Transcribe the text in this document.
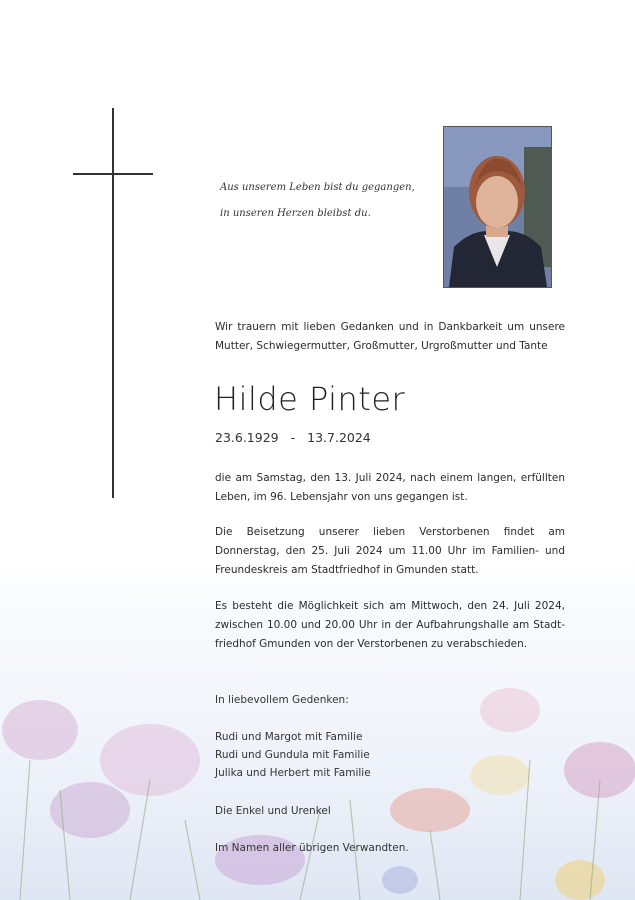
Aus unserem Leben bist du gegangen,
in unseren Herzen bleibst du.
Wir trauern mit lieben Gedanken und in Dankbarkeit um unsere Mutter, Schwiegermutter, Großmutter, Urgroßmutter und Tante
Hilde Pinter
23.6.1929 - 13.7.2024
die am Samstag, den 13. Juli 2024, nach einem langen, erfüllten Leben, im 96. Lebensjahr von uns gegangen ist.
Die Beisetzung unserer lieben Verstorbenen findet am Donnerstag, den 25. Juli 2024 um 11.00 Uhr im Familien- und Freundeskreis am Stadtfriedhof in Gmunden statt.
Es besteht die Möglichkeit sich am Mittwoch, den 24. Juli 2024, zwischen 10.00 und 20.00 Uhr in der Aufbahrungshalle am Stadt- friedhof Gmunden von der Verstorbenen zu verabschieden.
In liebevollem Gedenken:
Rudi und Margot mit Familie
Rudi und Gundula mit Familie
Julika und Herbert mit Familie
Die Enkel und Urenkel
Im Namen aller übrigen Verwandten.
